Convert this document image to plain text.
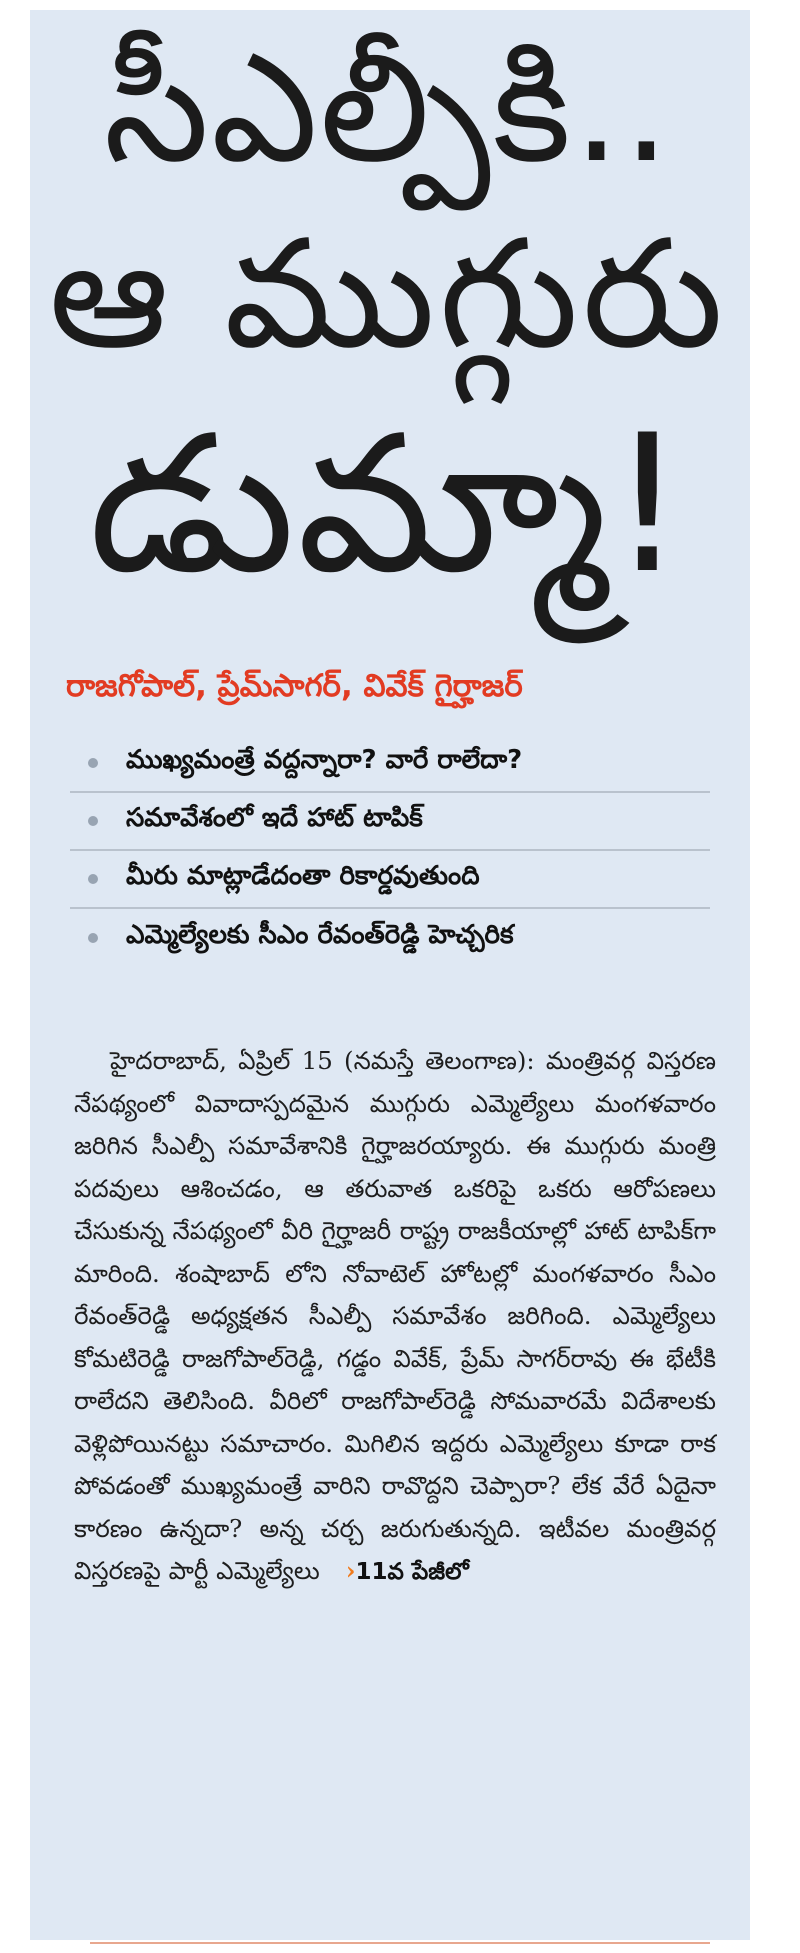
సీఎల్పీకి..
ఆ ముగ్గురు
డుమ్మా!
రాజగోపాల్, ప్రేమ్‌సాగర్, వివేక్ గైర్హాజర్
ముఖ్యమంత్రే వద్దన్నారా? వారే రాలేదా?
సమావేశంలో ఇదే హాట్ టాపిక్
మీరు మాట్లాడేదంతా రికార్డవుతుంది
ఎమ్మెల్యేలకు సీఎం రేవంత్‌రెడ్డి హెచ్చరిక

హైదరాబాద్, ఏప్రిల్ 15 (నమస్తే తెలంగాణ): మంత్రివర్గ విస్తరణ నేపథ్యంలో వివాదాస్పదమైన ముగ్గురు ఎమ్మెల్యేలు మంగళవారం జరిగిన సీఎల్పీ సమావేశానికి గైర్హాజరయ్యారు. ఈ ముగ్గురు మంత్రి పదవులు ఆశించడం, ఆ తరువాత ఒకరిపై ఒకరు ఆరోపణలు చేసుకున్న నేపథ్యంలో వీరి గైర్హాజరీ రాష్ట్ర రాజకీయాల్లో హాట్ టాపిక్‌గా మారింది. శంషాబాద్ లోని నోవాటెల్ హోటల్లో మంగళవారం సీఎం రేవంత్‌రెడ్డి అధ్యక్షతన సీఎల్పీ సమావేశం జరిగింది. ఎమ్మెల్యేలు కోమటిరెడ్డి రాజగోపాల్‌రెడ్డి, గడ్డం వివేక్, ప్రేమ్ సాగర్‌రావు ఈ భేటీకి రాలేదని తెలిసింది. వీరిలో రాజగోపాల్‌రెడ్డి సోమవారమే విదేశాలకు వెళ్లిపోయినట్టు సమాచారం. మిగిలిన ఇద్దరు ఎమ్మెల్యేలు కూడా రాక పోవడంతో ముఖ్యమంత్రే వారిని రావొద్దని చెప్పారా? లేక వేరే ఏదైనా కారణం ఉన్నదా? అన్న చర్చ జరుగుతున్నది. ఇటీవల మంత్రివర్గ విస్తరణపై పార్టీ ఎమ్మెల్యేలు ›11వ పేజీలో
